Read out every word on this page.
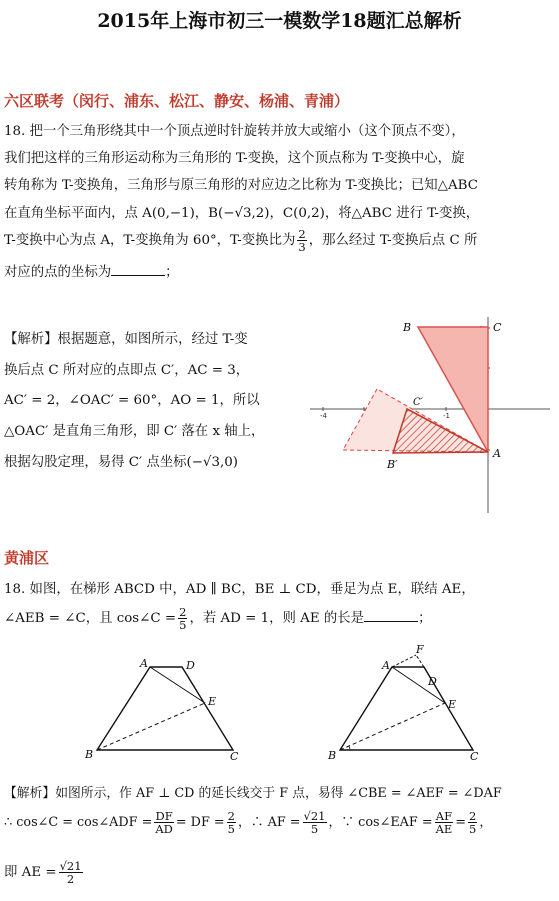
2015年上海市初三一模数学18题汇总解析
六区联考（闵行、浦东、松江、静安、杨浦、青浦）
18. 把一个三角形绕其中一个顶点逆时针旋转并放大或缩小（这个顶点不变），
我们把这样的三角形运动称为三角形的 T-变换，这个顶点称为 T-变换中心，旋
转角称为 T-变换角，三角形与原三角形的对应边之比称为 T-变换比；已知△ABC
在直角坐标平面内，点 A(0,−1)，B(−√3,2)，C(0,2)，将△ABC 进行 T-变换，
T-变换中心为点 A，T-变换角为 60°，T-变换比为 $\frac{2}{3}$ ，那么经过 T-变换后点 C 所
对应的点的坐标为	；
【解析】根据题意，如图所示，经过 T-变
换后点 C 所对应的点即点 C′，AC = 3，
AC′ = 2，∠OAC′ = 60°，AO = 1，所以
△OAC′ 是直角三角形，即 C′ 落在 x 轴上，
根据勾股定理，易得 C′ 点坐标(−√3,0)
-4	-1
B	C
A
C′
B′
黄浦区
18. 如图，在梯形 ABCD 中，AD ∥ BC，BE ⊥ CD，垂足为点 E，联结 AE，
∠AEB = ∠C，且 cos∠C = $\frac{2}{5}$ ，若 AD = 1，则 AE 的长是	；
A	D
E
B	C
F
A
D
E
B	C
【解析】如图所示，作 AF ⊥ CD 的延长线交于 F 点，易得 ∠CBE = ∠AEF = ∠DAF
∴ cos∠C = cos∠ADF = $\frac{DF}{AD}$ = DF = $\frac{2}{5}$ ，∴ AF = $\frac{√21}{5}$ ，∵ cos∠EAF = $\frac{AF}{AE} = \frac{2}{5}$ ，
即 AE = $\frac{√21}{2}$
